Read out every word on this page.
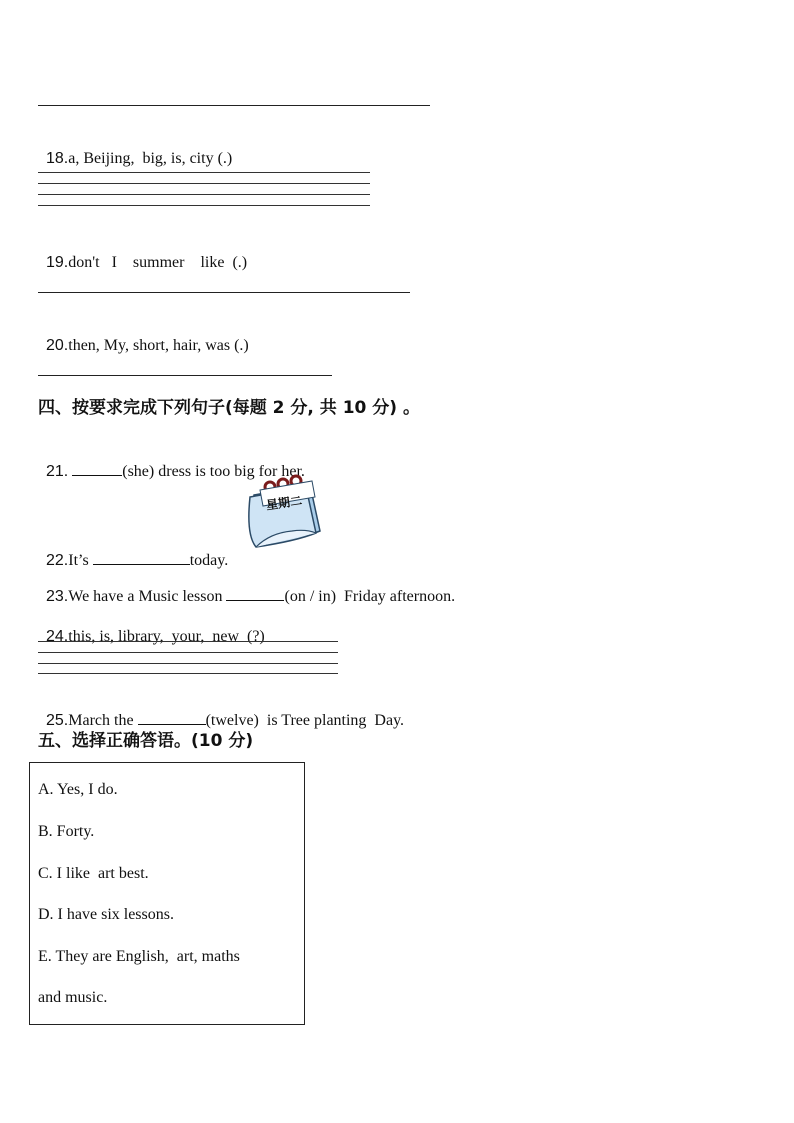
18.a, Beijing,  big, is, city (.)

19.don't   I    summer    like  (.)

20.then, My, short, hair, was (.)

四、按要求完成下列句子(每题 2 分, 共 10 分) 。

21.	(she) dress is too big for her.

星期二

22.It’s	today.

23.We have a Music lesson	(on / in)  Friday afternoon.

24.this, is, library,  your,  new  (?)

25.March the	(twelve)  is Tree planting  Day.

五、选择正确答语。(10 分)
A. Yes, I do.
B. Forty.
C. I like  art best.
D. I have six lessons.
E. They are English,  art, maths
and music.
